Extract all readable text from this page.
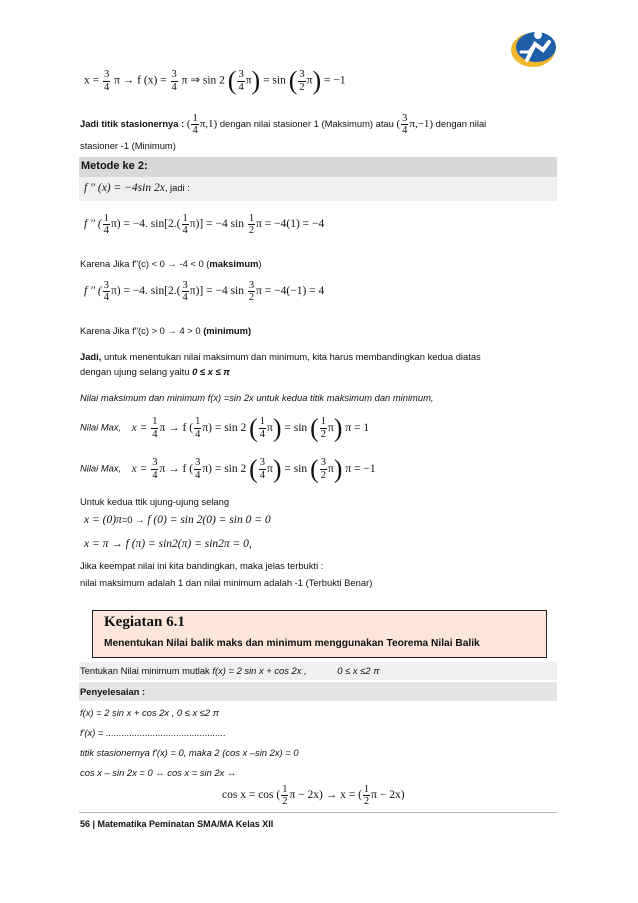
$x = \frac{3}{4}$ π → f $(x) = \frac{3}{4}$ π ⇒ sin 2 ( $\frac{3}{4} \pi) = \sin$ ( $\frac{3}{2} \pi) = -1$
Jadi titik stasionernya : ( $\frac{1}{4} \pi,1$) dengan nilai stasioner 1 (Maksimum) atau ( $\frac{3}{4} \pi,-1$) dengan nilai
stasioner -1 (Minimum)
Metode ke 2:
f '' (x) = −4sin 2x, jadi :
f '' ( $\frac{1}{4} \pi) = -4$. $\sin[2.( \frac{1}{4} \pi)] = -4$ $\sin \frac{1}{2}$ π = −4(1) = −4
Karena Jika f"(c) < 0 → -4 < 0 (maksimum)
f '' ( $\frac{3}{4} \pi) = -4$. $\sin[2.( \frac{3}{4} \pi)] = -4$ $\sin \frac{3}{2}$ π = −4(−1) = 4
Karena Jika f"(c) > 0 → 4 > 0 (minimum)
Jadi, untuk menentukan nilai maksimum dan minimum, kita harus membandingkan kedua diatas
dengan ujung selang yaitu 0 ≤ x ≤ π
Nilai maksimum dan minimum f(x) =sin 2x untuk kedua titik maksimum dan minimum,
Nilai Max, $x = \frac{1}{4}$ π → f ( $\frac{1}{4} \pi) = \sin 2$ ( $\frac{1}{4} \pi) = \sin$ ( $\frac{1}{2} \pi$) π = 1
Nilai Max, $x = \frac{3}{4}$ π → f ( $\frac{3}{4} \pi) = \sin 2$ ( $\frac{3}{4} \pi) = \sin$ ( $\frac{3}{2} \pi$) π = −1
Untuk kedua ttik ujung-ujung selang
x = (0)π=0 → f (0) = sin 2(0) = sin 0 = 0
x = π → f (π) = sin2(π) = sin2π = 0,
Jika keempat nilai ini kita bandingkan, maka jelas terbukti :
nilai maksimum adalah 1 dan nilai minimum adalah -1 (Terbukti Benar)
Kegiatan 6.1
Menentukan Nilai balik maks dan minimum menggunakan Teorema Nilai Balik
Tentukan Nilai minimum mutlak f(x) = 2 sin x + cos 2x ,	0 ≤ x ≤2 π
Penyelesaian :
f(x) = 2 sin x + cos 2x , 0 ≤ x ≤2 π
f'(x) = ..............................................
titik stasionernya f'(x) = 0, maka 2 (cos x –sin 2x) = 0
cos x – sin 2x = 0 ↔ cos x = sin 2x ↔
cos x = cos ( $\frac{1}{2}$ π − 2x) → x = ( $\frac{1}{2}$ π − 2x)
56 | Matematika Peminatan SMA/MA Kelas XII
